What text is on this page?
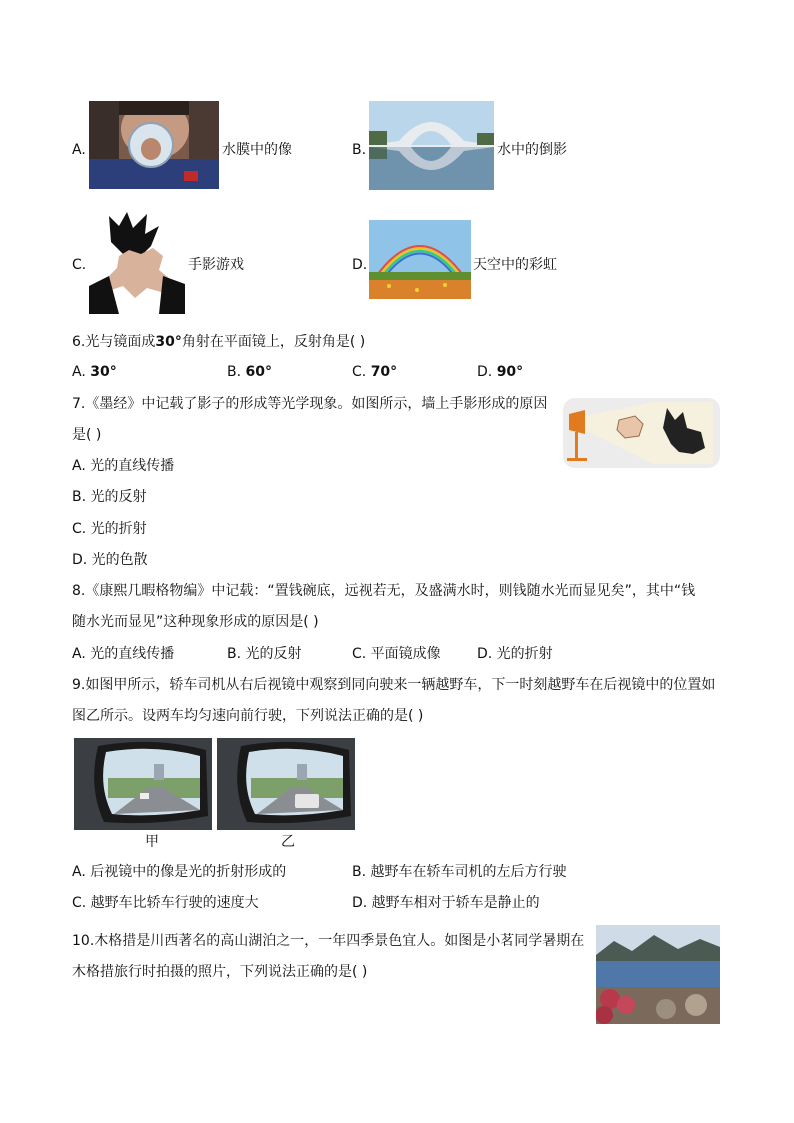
A.	水膜中的像	B.	水中的倒影
C.	手影游戏	D.	天空中的彩虹
6.光与镜面成30°角射在平面镜上，反射角是( )
A. 30°	B. 60°	C. 70°	D. 90°
7.《墨经》中记载了影子的形成等光学现象。如图所示，墙上手影形成的原因
是( )
A. 光的直线传播
B. 光的反射
C. 光的折射
D. 光的色散
8.《康熙几暇格物编》中记载：“置钱碗底，远视若无，及盛满水时，则钱随水光而显见矣”，其中“钱
随水光而显见”这种现象形成的原因是( )
A. 光的直线传播	B. 光的反射	C. 平面镜成像	D. 光的折射
9.如图甲所示，轿车司机从右后视镜中观察到同向驶来一辆越野车，下一时刻越野车在后视镜中的位置如
图乙所示。设两车均匀速向前行驶，下列说法正确的是( )
甲	乙
A. 后视镜中的像是光的折射形成的	B. 越野车在轿车司机的左后方行驶
C. 越野车比轿车行驶的速度大	D. 越野车相对于轿车是静止的
10.木格措是川西著名的高山湖泊之一，一年四季景色宜人。如图是小茗同学暑期在
木格措旅行时拍摄的照片，下列说法正确的是( )
